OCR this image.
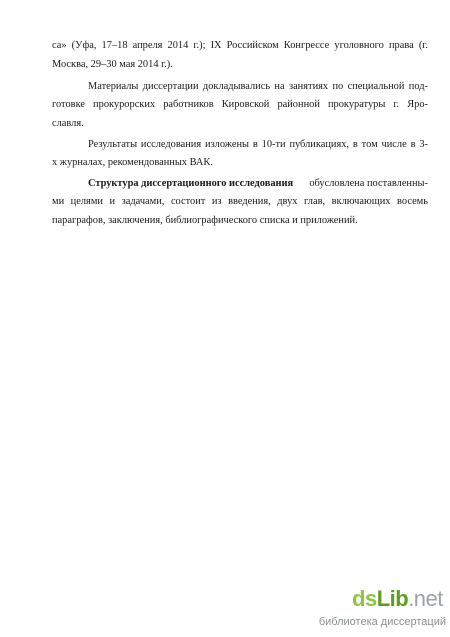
са» (Уфа, 17–18 апреля 2014 г.); IX Российском Конгрессе уголовного права (г.
Москва, 29–30 мая 2014 г.).
Материалы диссертации докладывались на занятиях по специальной под-
готовке прокурорских работников Кировской районной прокуратуры г. Яро-
славля.
Результаты исследования изложены в 10-ти публикациях, в том числе в 3-
х журналах, рекомендованных ВАК.
Структура диссертационного исследования обусловлена поставленны-
ми целями и задачами, состоит из введения, двух глав, включающих восемь
параграфов, заключения, библиографического списка и приложений.
dsLib.net
библиотека диссертаций
